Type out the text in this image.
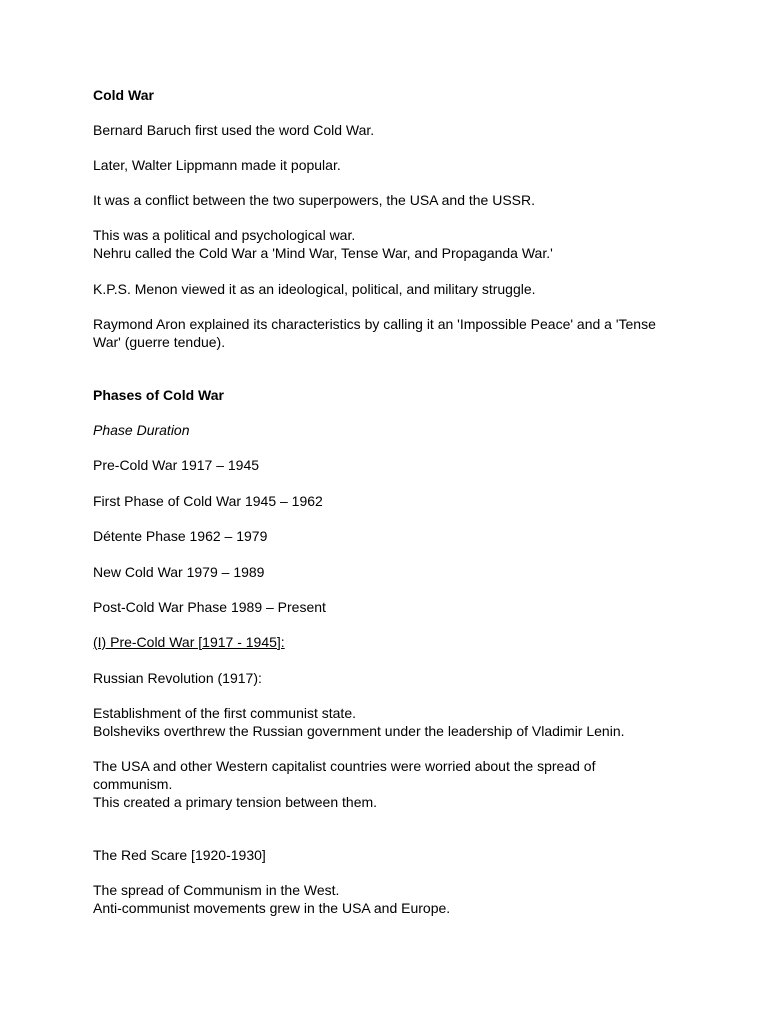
Cold War
Bernard Baruch first used the word Cold War.
Later, Walter Lippmann made it popular.
It was a conflict between the two superpowers, the USA and the USSR.
This was a political and psychological war.
Nehru called the Cold War a 'Mind War, Tense War, and Propaganda War.'
K.P.S. Menon viewed it as an ideological, political, and military struggle.
Raymond Aron explained its characteristics by calling it an 'Impossible Peace' and a 'Tense
War' (guerre tendue).
Phases of Cold War
Phase Duration
Pre-Cold War 1917 – 1945
First Phase of Cold War 1945 – 1962
Détente Phase 1962 – 1979
New Cold War 1979 – 1989
Post-Cold War Phase 1989 – Present
(I) Pre-Cold War [1917 - 1945]:
Russian Revolution (1917):
Establishment of the first communist state.
Bolsheviks overthrew the Russian government under the leadership of Vladimir Lenin.
The USA and other Western capitalist countries were worried about the spread of
communism.
This created a primary tension between them.
The Red Scare [1920-1930]
The spread of Communism in the West.
Anti-communist movements grew in the USA and Europe.
